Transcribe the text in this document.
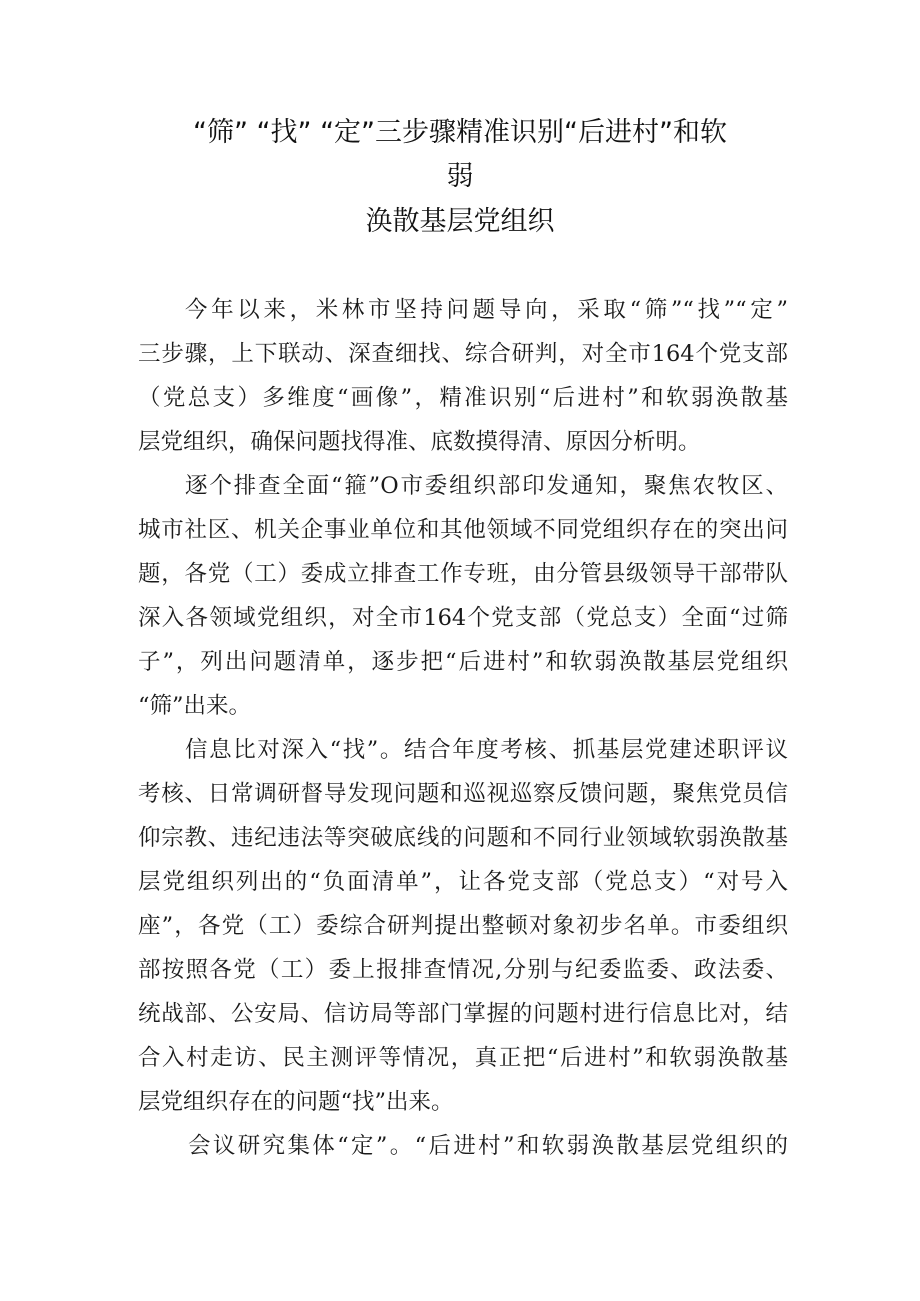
“筛” “找” “定”三步骤精准识别“后进村”和软
弱
涣散基层党组织
今年以来，米林市坚持问题导向，采取“筛”“找”“定”
三步骤，上下联动、深查细找、综合研判，对全市164个党支部
（党总支）多维度“画像”，精准识别“后进村”和软弱涣散基
层党组织，确保问题找得准、底数摸得清、原因分析明。
逐个排查全面“箍”O市委组织部印发通知，聚焦农牧区、
城市社区、机关企事业单位和其他领域不同党组织存在的突出问
题，各党（工）委成立排查工作专班，由分管县级领导干部带队
深入各领域党组织，对全市164个党支部（党总支）全面“过筛
子”，列出问题清单，逐步把“后进村”和软弱涣散基层党组织
“筛”出来。
信息比对深入“找”。结合年度考核、抓基层党建述职评议
考核、日常调研督导发现问题和巡视巡察反馈问题，聚焦党员信
仰宗教、违纪违法等突破底线的问题和不同行业领域软弱涣散基
层党组织列出的“负面清单”，让各党支部（党总支）“对号入
座”，各党（工）委综合研判提出整顿对象初步名单。市委组织
部按照各党（工）委上报排查情况,分别与纪委监委、政法委、
统战部、公安局、信访局等部门掌握的问题村进行信息比对，结
合入村走访、民主测评等情况，真正把“后进村”和软弱涣散基
层党组织存在的问题“找”出来。
会议研究集体“定”。“后进村”和软弱涣散基层党组织的
